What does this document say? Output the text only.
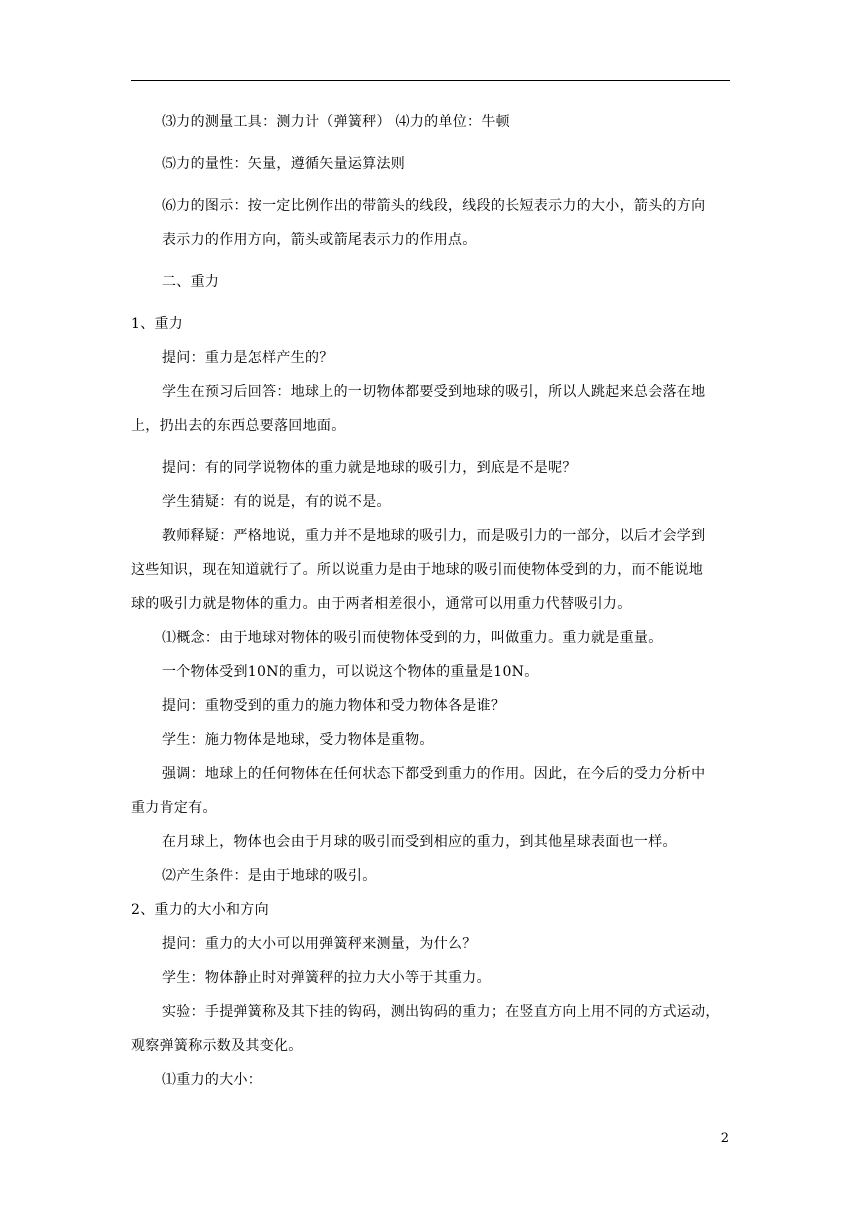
⑶力的测量工具：测力计（弹簧秤） ⑷力的单位：牛顿
⑸力的量性：矢量，遵循矢量运算法则
⑹力的图示：按一定比例作出的带箭头的线段，线段的长短表示力的大小，箭头的方向
表示力的作用方向，箭头或箭尾表示力的作用点。
二、重力
1、重力
提问：重力是怎样产生的？
学生在预习后回答：地球上的一切物体都要受到地球的吸引，所以人跳起来总会落在地
上，扔出去的东西总要落回地面。
提问：有的同学说物体的重力就是地球的吸引力，到底是不是呢？
学生猜疑：有的说是，有的说不是。
教师释疑：严格地说，重力并不是地球的吸引力，而是吸引力的一部分，以后才会学到
这些知识，现在知道就行了。所以说重力是由于地球的吸引而使物体受到的力，而不能说地
球的吸引力就是物体的重力。由于两者相差很小，通常可以用重力代替吸引力。
⑴概念：由于地球对物体的吸引而使物体受到的力，叫做重力。重力就是重量。
一个物体受到10N的重力，可以说这个物体的重量是10N。
提问：重物受到的重力的施力物体和受力物体各是谁？
学生：施力物体是地球，受力物体是重物。
强调：地球上的任何物体在任何状态下都受到重力的作用。因此，在今后的受力分析中
重力肯定有。
在月球上，物体也会由于月球的吸引而受到相应的重力，到其他星球表面也一样。
⑵产生条件：是由于地球的吸引。
2、重力的大小和方向
提问：重力的大小可以用弹簧秤来测量，为什么？
学生：物体静止时对弹簧秤的拉力大小等于其重力。
实验：手提弹簧称及其下挂的钩码，测出钩码的重力；在竖直方向上用不同的方式运动，
观察弹簧称示数及其变化。
⑴重力的大小：
2
